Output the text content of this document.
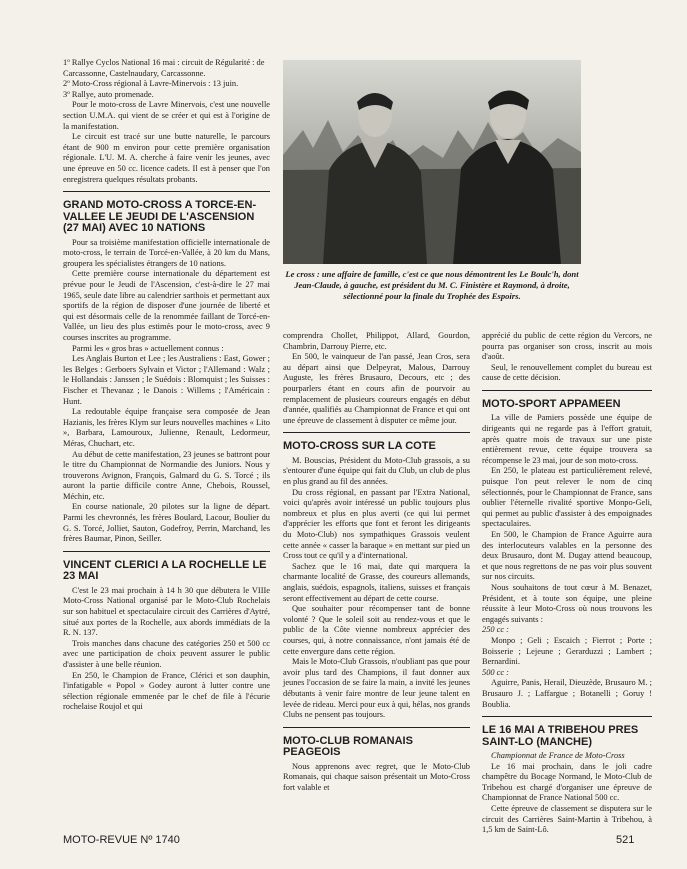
1º Rallye Cyclos National 16 mai : circuit de Régularité : de Carcassonne, Castelnaudary, Carcassonne.

2º Moto-Cross régional à Lavre-Minervois : 13 juin.

3º Rallye, auto promenade.

Pour le moto-cross de Lavre Minervois, c'est une nouvelle section U.M.A. qui vient de se créer et qui est à l'origine de la manifestation.

Le circuit est tracé sur une butte naturelle, le parcours étant de 900 m environ pour cette première organisation régionale. L'U. M. A. cherche à faire venir les jeunes, avec une épreuve en 50 cc. licence cadets. Il est à penser que l'on enregistrera quelques résultats probants.

GRAND MOTO-CROSS A TORCE-EN-VALLEE LE JEUDI DE L'ASCENSION (27 MAI) AVEC 10 NATIONS

Pour sa troisième manifestation officielle internationale de moto-cross, le terrain de Torcé-en-Vallée, à 20 km du Mans, groupera les spécialistes étrangers de 10 nations.

Cette première course internationale du département est prévue pour le Jeudi de l'Ascension, c'est-à-dire le 27 mai 1965, seule date libre au calendrier sarthois et permettant aux sportifs de la région de disposer d'une journée de liberté et qui est désormais celle de la renommée faillant de Torcé-en-Vallée, un lieu des plus estimés pour le moto-cross, avec 9 courses inscrites au programme.

Parmi les « gros bras » actuellement connus :

Les Anglais Burton et Lee ; les Australiens : East, Gower ; les Belges : Gerboers Sylvain et Victor ; l'Allemand : Walz ; le Hollandais : Janssen ; le Suédois : Blomquist ; les Suisses : Fischer et Thevanaz ; le Danois : Willems ; l'Américain : Hunt.

La redoutable équipe française sera composée de Jean Hazianis, les frères Klym sur leurs nouvelles machines « Lito », Barbara, Lamouroux, Julienne, Renault, Ledormeur, Méras, Chuchart, etc.

Au début de cette manifestation, 23 jeunes se battront pour le titre du Championnat de Normandie des Juniors. Nous y trouverons Avignon, François, Galmard du G. S. Torcé ; ils auront la partie difficile contre Anne, Chebois, Roussel, Méchin, etc.

En course nationale, 20 pilotes sur la ligne de départ. Parmi les chevronnés, les frères Boulard, Lacour, Boulier du G. S. Torcé, Jolliet, Sauton, Godefroy, Perrin, Marchand, les frères Baumar, Pinon, Seiller.

VINCENT CLERICI A LA ROCHELLE LE 23 MAI

C'est le 23 mai prochain à 14 h 30 que débutera le VIIIe Moto-Cross National organisé par le Moto-Club Rochelais sur son habituel et spectaculaire circuit des Carrières d'Aytré, situé aux portes de la Rochelle, aux abords immédiats de la R. N. 137.

Trois manches dans chacune des catégories 250 et 500 cc avec une participation de choix peuvent assurer le public d'assister à une belle réunion.

En 250, le Champion de France, Clérici et son dauphin, l'infatigable « Popol » Godey auront à lutter contre une sélection régionale emmenée par le chef de file à l'écurie rochelaise Roujol et qui

Le cross : une affaire de famille, c'est ce que nous démontrent les Le Boulc'h, dont Jean-Claude, à gauche, est président du M. C. Finistère et Raymond, à droite, sélectionné pour la finale du Trophée des Espoirs.

comprendra Chollet, Philippot, Allard, Gourdon, Chambrin, Darrouy Pierre, etc.

En 500, le vainqueur de l'an passé, Jean Cros, sera au départ ainsi que Delpeyrat, Malous, Darrouy Auguste, les frères Brusauro, Decours, etc ; des pourparlers étant en cours afin de pourvoir au remplacement de plusieurs coureurs engagés en début d'année, qualifiés au Championnat de France et qui ont une épreuve de classement à disputer ce même jour.

MOTO-CROSS SUR LA COTE

M. Bouscias, Président du Moto-Club grassois, a su s'entourer d'une équipe qui fait du Club, un club de plus en plus grand au fil des années.

Du cross régional, en passant par l'Extra National, voici qu'après avoir intéressé un public toujours plus nombreux et plus en plus averti (ce qui lui permet d'apprécier les efforts que font et feront les dirigeants du Moto-Club) nos sympathiques Grassois veulent cette année « casser la baraque » en mettant sur pied un Cross tout ce qu'il y a d'international.

Sachez que le 16 mai, date qui marquera la charmante localité de Grasse, des coureurs allemands, anglais, suédois, espagnols, italiens, suisses et français seront effectivement au départ de cette course.

Que souhaiter pour récompenser tant de bonne volonté ? Que le soleil soit au rendez-vous et que le public de la Côte vienne nombreux apprécier des courses, qui, à notre connaissance, n'ont jamais été de cette envergure dans cette région.

Mais le Moto-Club Grassois, n'oubliant pas que pour avoir plus tard des Champions, il faut donner aux jeunes l'occasion de se faire la main, a invité les jeunes débutants à venir faire montre de leur jeune talent en levée de rideau. Merci pour eux à qui, hélas, nos grands Clubs ne pensent pas toujours.

MOTO-CLUB ROMANAIS PEAGEOIS

Nous apprenons avec regret, que le Moto-Club Romanais, qui chaque saison présentait un Moto-Cross fort valable et

apprécié du public de cette région du Vercors, ne pourra pas organiser son cross, inscrit au mois d'août.

Seul, le renouvellement complet du bureau est cause de cette décision.

MOTO-SPORT APPAMEEN

La ville de Pamiers possède une équipe de dirigeants qui ne regarde pas à l'effort gratuit, après quatre mois de travaux sur une piste entièrement revue, cette équipe trouvera sa récompense le 23 mai, jour de son moto-cross.

En 250, le plateau est particulièrement relevé, puisque l'on peut relever le nom de cinq sélectionnés, pour le Championnat de France, sans oublier l'éternelle rivalité sportive Monpo-Geli, qui permet au public d'assister à des empoignades spectaculaires.

En 500, le Champion de France Aguirre aura des interlocuteurs valables en la personne des deux Brusauro, dont M. Dugay attend beaucoup, et que nous regrettons de ne pas voir plus souvent sur nos circuits.

Nous souhaitons de tout cœur à M. Benazet, Président, et à toute son équipe, une pleine réussite à leur Moto-Cross où nous trouvons les engagés suivants :

250 cc :

Monpo ; Geli ; Escaich ; Fierrot ; Porte ; Boisserie ; Lejeune ; Gerarduzzi ; Lambert ; Bernardini.

500 cc :

Aguirre, Panis, Herail, Dieuzède, Brusauro M. ; Brusauro J. ; Laffargue ; Botanelli ; Goruy ! Boublia.

LE 16 MAI A TRIBEHOU PRES SAINT-LO (MANCHE)

Championnat de France de Moto-Cross

Le 16 mai prochain, dans le joli cadre champêtre du Bocage Normand, le Moto-Club de Tribehou est chargé d'organiser une épreuve de Championnat de France National 500 cc.

Cette épreuve de classement se disputera sur le circuit des Carrières Saint-Martin à Tribehou, à 1,5 km de Saint-Lô.

MOTO-REVUE Nº 1740	521
